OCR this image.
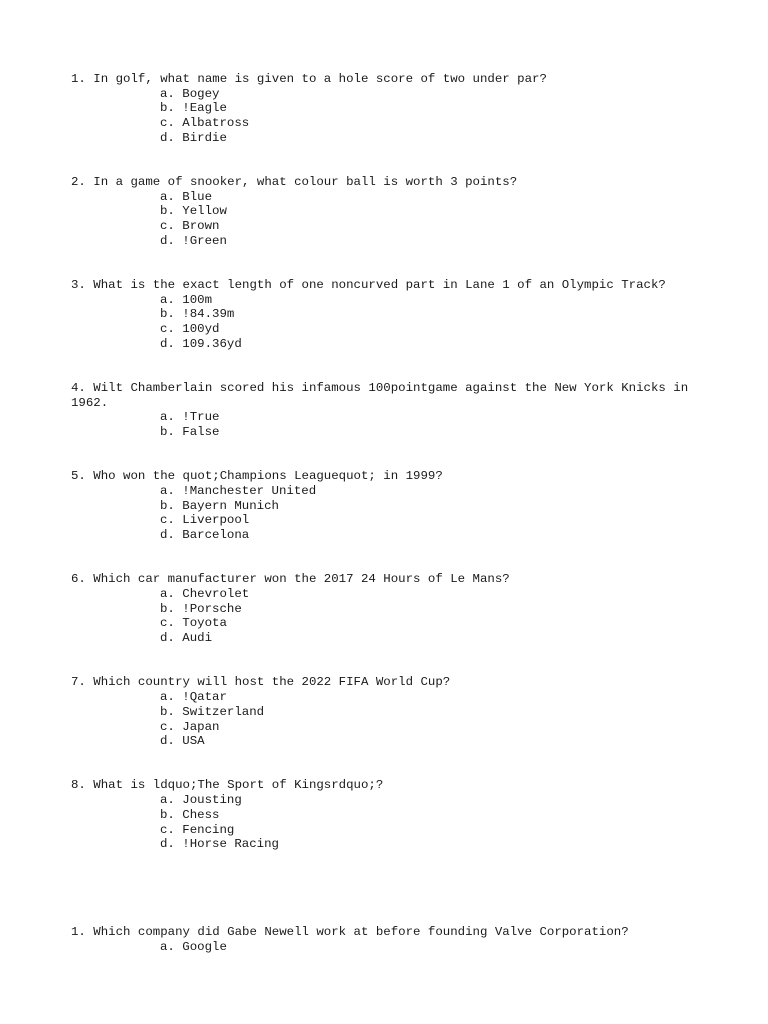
1. In golf, what name is given to a hole score of two under par?
a. Bogey
b. !Eagle
c. Albatross
d. Birdie
2. In a game of snooker, what colour ball is worth 3 points?
a. Blue
b. Yellow
c. Brown
d. !Green
3. What is the exact length of one noncurved part in Lane 1 of an Olympic Track?
a. 100m
b. !84.39m
c. 100yd
d. 109.36yd
4. Wilt Chamberlain scored his infamous 100pointgame against the New York Knicks in 1962.
a. !True
b. False
5. Who won the quot;Champions Leaguequot; in 1999?
a. !Manchester United
b. Bayern Munich
c. Liverpool
d. Barcelona
6. Which car manufacturer won the 2017 24 Hours of Le Mans?
a. Chevrolet
b. !Porsche
c. Toyota
d. Audi
7. Which country will host the 2022 FIFA World Cup?
a. !Qatar
b. Switzerland
c. Japan
d. USA
8. What is ldquo;The Sport of Kingsrdquo;?
a. Jousting
b. Chess
c. Fencing
d. !Horse Racing
1. Which company did Gabe Newell work at before founding Valve Corporation?
a. Google
